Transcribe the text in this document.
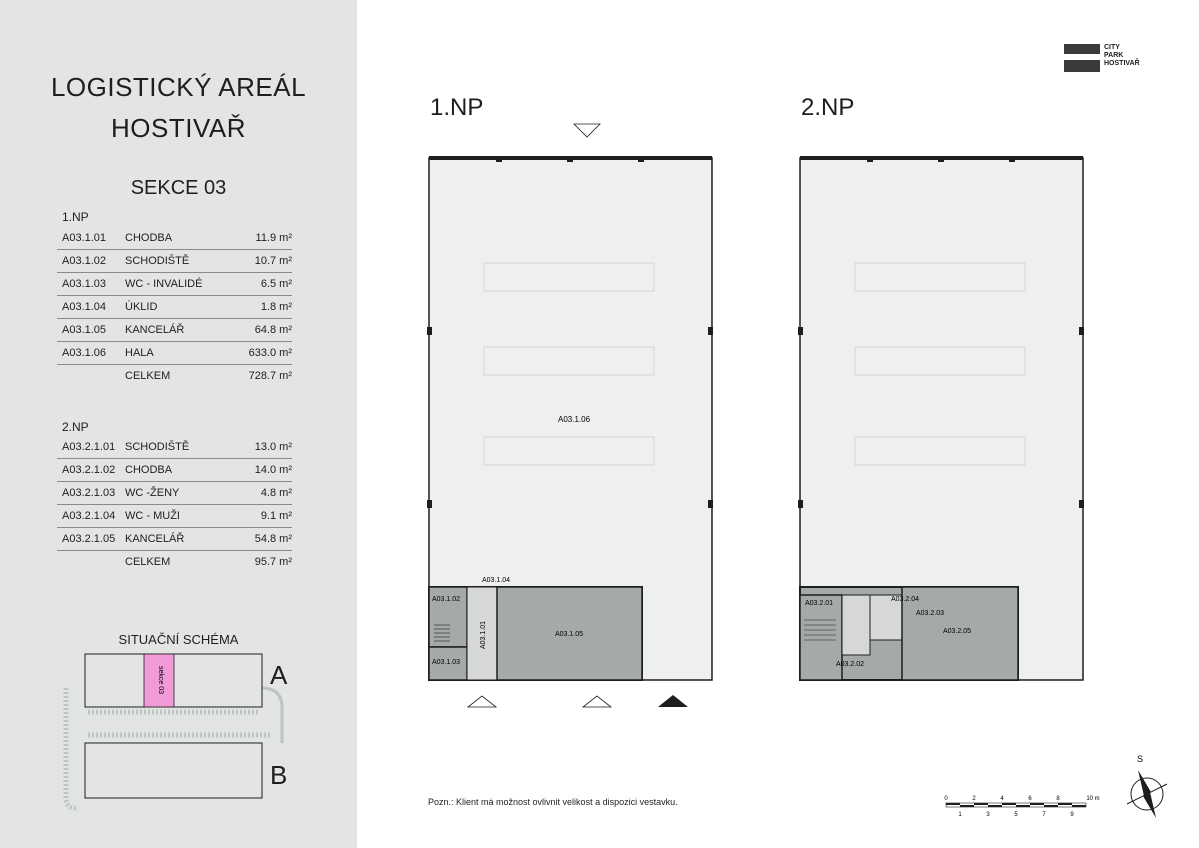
LOGISTICKÝ AREÁL
HOSTIVAŘ
SEKCE 03
1.NP
A03.1.01 CHODBA	11.9 m²
A03.1.02 SCHODIŠTĚ	10.7 m²
A03.1.03 WC - INVALIDÉ	6.5 m²
A03.1.04 ÚKLID	1.8 m²
A03.1.05 KANCELÁŘ	64.8 m²
A03.1.06 HALA	633.0 m²
CELKEM	728.7 m²
2.NP
A03.2.1.01 SCHODIŠTĚ	13.0 m²
A03.2.1.02 CHODBA	14.0 m²
A03.2.1.03 WC -ŽENY	4.8 m²
A03.2.1.04 WC - MUŽI	9.1 m²
A03.2.1.05 KANCELÁŘ	54.8 m²
CELKEM	95.7 m²
SITUAČNÍ SCHÉMA
sekce 03	A
B
1.NP	2.NP
CITY
PARK
HOSTIVAŘ
A03.1.06
A03.1.02
A03.1.04
A03.1.01	A03.1.05
A03.1.03
A03.2.01
A03.2.04
A03.2.03
A03.2.05
A03.2.02
Pozn.: Klient má možnost ovlivnit velikost a dispozici vestavku.	0	2	4	6	8	10 m
1	3	5	7	9
S
